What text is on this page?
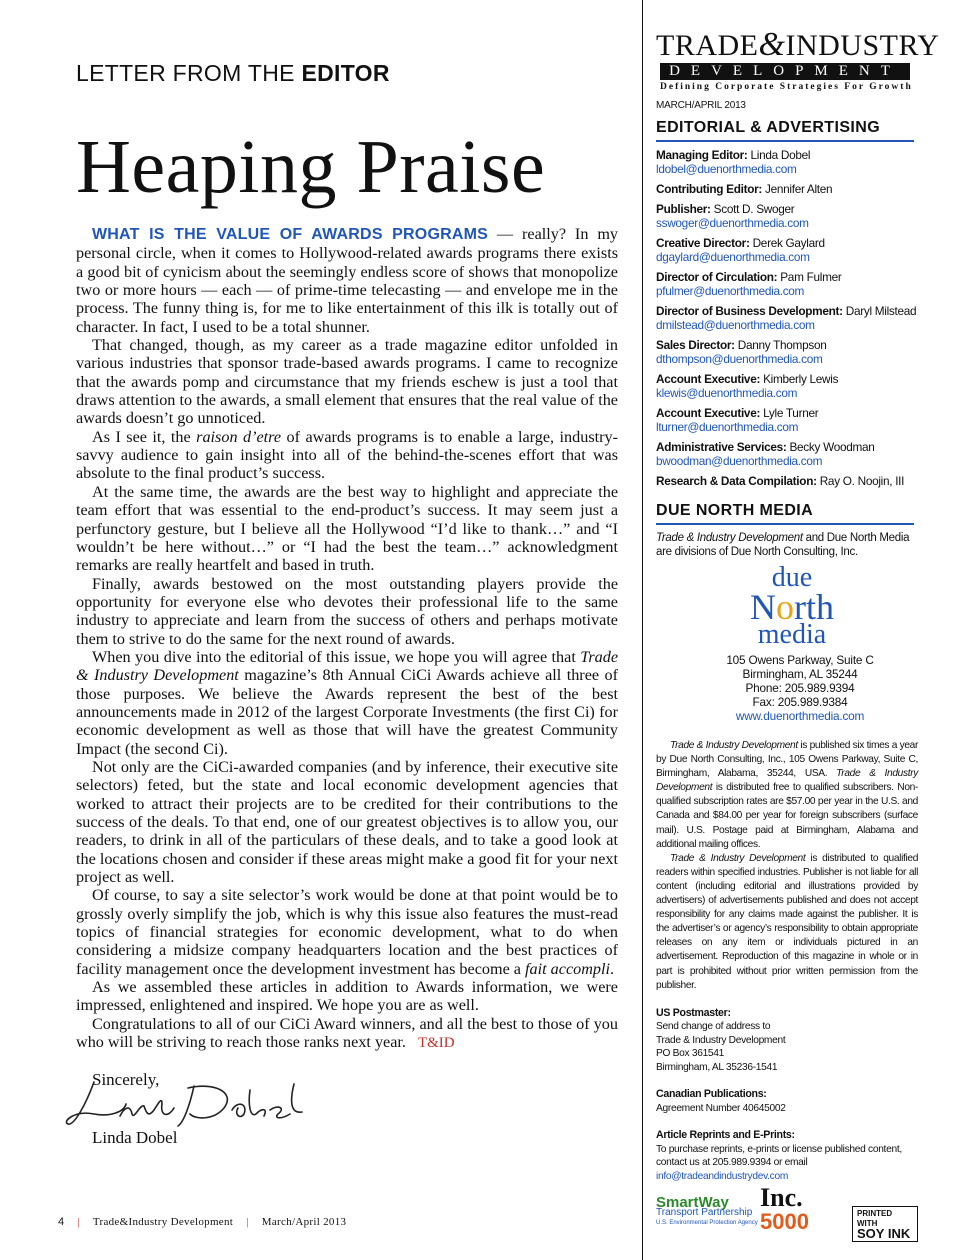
LETTER FROM THE EDITOR
Heaping Praise

WHAT IS THE VALUE OF AWARDS PROGRAMS — really? In my personal circle, when it comes to Hollywood-related awards programs there exists a good bit of cynicism about the seemingly endless score of shows that monopolize two or more hours — each — of prime-time telecasting — and envelope me in the process. The funny thing is, for me to like entertainment of this ilk is totally out of character. In fact, I used to be a total shunner.

That changed, though, as my career as a trade magazine editor unfolded in various industries that sponsor trade-based awards programs. I came to recognize that the awards pomp and circumstance that my friends eschew is just a tool that draws attention to the awards, a small element that ensures that the real value of the awards doesn’t go unnoticed.

As I see it, the raison d’etre of awards programs is to enable a large, industry-savvy audience to gain insight into all of the behind-the-scenes effort that was absolute to the final product’s success.

At the same time, the awards are the best way to highlight and appreciate the team effort that was essential to the end-product’s success. It may seem just a perfunctory gesture, but I believe all the Hollywood “I’d like to thank…” and “I wouldn’t be here without…” or “I had the best the team…” acknowledgment remarks are really heartfelt and based in truth.

Finally, awards bestowed on the most outstanding players provide the opportunity for everyone else who devotes their professional life to the same industry to appreciate and learn from the success of others and perhaps motivate them to strive to do the same for the next round of awards.

When you dive into the editorial of this issue, we hope you will agree that Trade & Industry Development magazine’s 8th Annual CiCi Awards achieve all three of those purposes. We believe the Awards represent the best of the best announcements made in 2012 of the largest Corporate Investments (the first Ci) for economic development as well as those that will have the greatest Community Impact (the second Ci).

Not only are the CiCi-awarded companies (and by inference, their executive site selectors) feted, but the state and local economic development agencies that worked to attract their projects are to be credited for their contributions to the success of the deals. To that end, one of our greatest objectives is to allow you, our readers, to drink in all of the particulars of these deals, and to take a good look at the locations chosen and consider if these areas might make a good fit for your next project as well.

Of course, to say a site selector’s work would be done at that point would be to grossly overly simplify the job, which is why this issue also features the must-read topics of financial strategies for economic development, what to do when considering a midsize company headquarters location and the best practices of facility management once the development investment has become a fait accompli.

As we assembled these articles in addition to Awards information, we were impressed, enlightened and inspired. We hope you are as well.

Congratulations to all of our CiCi Award winners, and all the best to those of you who will be striving to reach those ranks next year. T&ID

Sincerely,
Linda Dobel
TRADE&INDUSTRY
DEVELOPMENT
Defining Corporate Strategies For Growth
MARCH/APRIL 2013
EDITORIAL & ADVERTISING
Managing Editor: Linda Dobel
ldobel@duenorthmedia.com
Contributing Editor: Jennifer Alten
Publisher: Scott D. Swoger
sswoger@duenorthmedia.com
Creative Director: Derek Gaylard
dgaylard@duenorthmedia.com
Director of Circulation: Pam Fulmer
pfulmer@duenorthmedia.com
Director of Business Development: Daryl Milstead
dmilstead@duenorthmedia.com
Sales Director: Danny Thompson
dthompson@duenorthmedia.com
Account Executive: Kimberly Lewis
klewis@duenorthmedia.com
Account Executive: Lyle Turner
lturner@duenorthmedia.com
Administrative Services: Becky Woodman
bwoodman@duenorthmedia.com
Research & Data Compilation: Ray O. Noojin, III
DUE NORTH MEDIA
Trade & Industry Development and Due North Media are divisions of Due North Consulting, Inc.
due
North
media
105 Owens Parkway, Suite C
Birmingham, AL 35244
Phone: 205.989.9394
Fax: 205.989.9384
www.duenorthmedia.com

Trade & Industry Development is published six times a year by Due North Consulting, Inc., 105 Owens Parkway, Suite C, Birmingham, Alabama, 35244, USA. Trade & Industry Development is distributed free to qualified subscribers. Non-qualified subscription rates are $57.00 per year in the U.S. and Canada and $84.00 per year for foreign subscribers (surface mail). U.S. Postage paid at Birmingham, Alabama and additional mailing offices.

Trade & Industry Development is distributed to qualified readers within specified industries. Publisher is not liable for all content (including editorial and illustrations provided by advertisers) of advertisements published and does not accept responsibility for any claims made against the publisher. It is the advertiser’s or agency’s responsibility to obtain appropriate releases on any item or individuals pictured in an advertisement. Reproduction of this magazine in whole or in part is prohibited without prior written permission from the publisher.

US Postmaster:
Send change of address to
Trade & Industry Development
PO Box 361541
Birmingham, AL 35236-1541
Canadian Publications:
Agreement Number 40645002
Article Reprints and E-Prints:
To purchase reprints, e-prints or license published content, contact us at 205.989.9394 or email info@tradeandindustrydev.com
SmartWay
Transport Partnership
U.S. Environmental Protection Agency
Inc.
5000	PRINTED WITH
SOY INK
4 | Trade&Industry Development | March/April 2013
